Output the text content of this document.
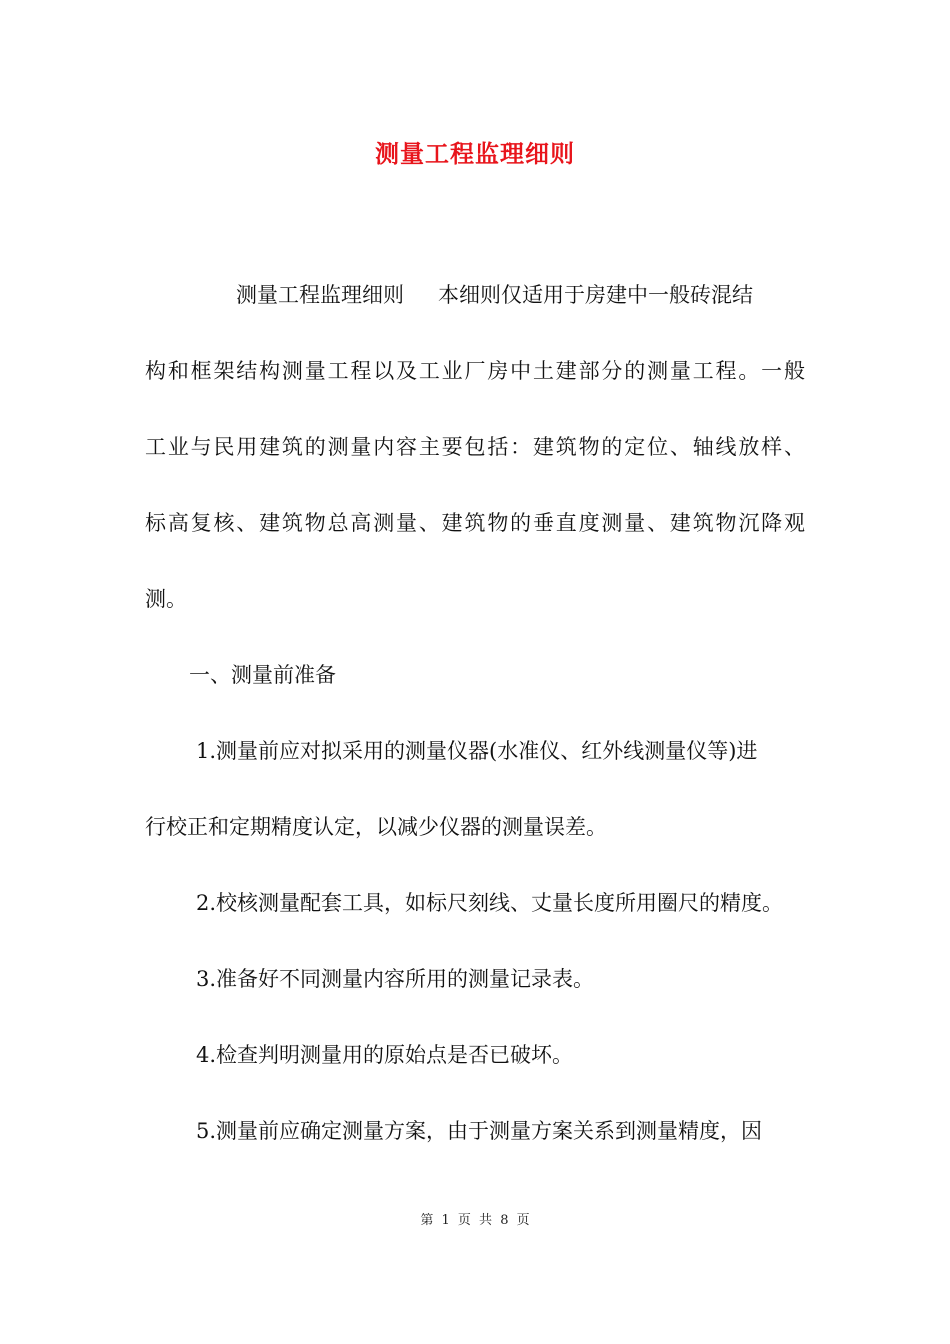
测量工程监理细则
测量工程监理细则 本细则仅适用于房建中一般砖混结
构和框架结构测量工程以及工业厂房中土建部分的测量工程。一般
工业与民用建筑的测量内容主要包括：建筑物的定位、轴线放样、
标高复核、建筑物总高测量、建筑物的垂直度测量、建筑物沉降观
测。
一、测量前准备
1.测量前应对拟采用的测量仪器(水准仪、红外线测量仪等)进
行校正和定期精度认定，以减少仪器的测量误差。
2.校核测量配套工具，如标尺刻线、丈量长度所用圈尺的精度。
3.准备好不同测量内容所用的测量记录表。
4.检查判明测量用的原始点是否已破坏。
5.测量前应确定测量方案，由于测量方案关系到测量精度，因
第 1 页 共 8 页
